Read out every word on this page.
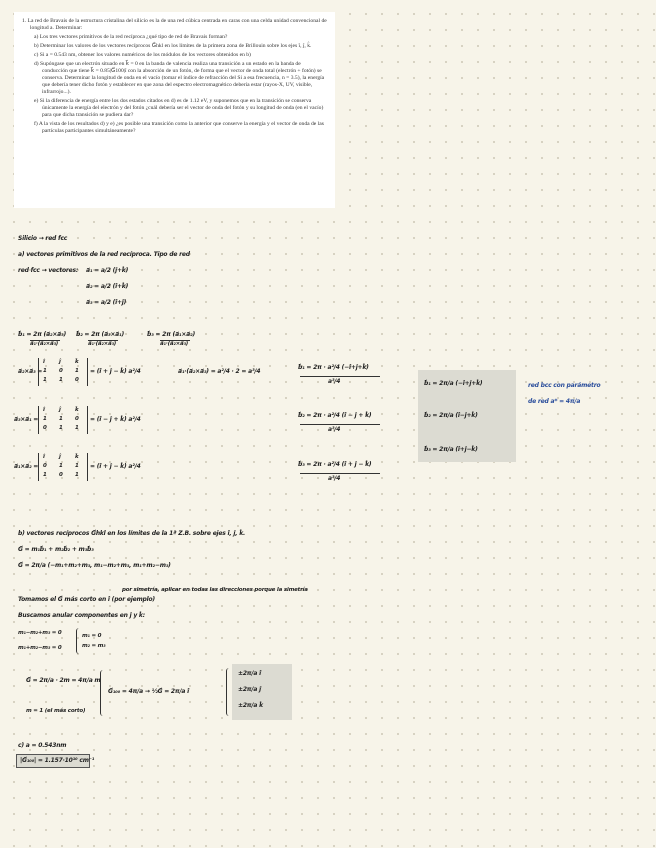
1. La red de Bravais de la estructura cristalina del silicio es la de una red cúbica centrada en caras con una celda unidad convencional de longitud a. Determinar:

a) Los tres vectores primitivos de la red recíproca ¿qué tipo de red de Bravais forman?

b) Determinar los valores de los vectores recíprocos G⃗hkl en los límites de la primera zona de Brillouin sobre los ejes î, ĵ, k̂.

c) Si a = 0.543 nm, obtener los valores numéricos de los módulos de los vectores obtenidos en b)

d) Supóngase que un electrón situado en k⃗ = 0 en la banda de valencia realiza una transición a un estado en la banda de conducción que tiene k⃗ = 0.85|G⃗100|î con la absorción de un fotón, de forma que el vector de onda total (electrón + fotón) se conserva. Determinar la longitud de onda en el vacío (tomar el índice de refracción del Si a esa frecuencia, n = 3.5), la energía que debería tener dicho fotón y establecer en que zona del espectro electromagnético debería estar (rayos-X, UV, visible, infrarrojo...).

e) Si la diferencia de energía entre los dos estados citados en d) es de 1.12 eV, y suponemos que en la transición se conserva únicamente la energía del electrón y del fotón ¿cuál debería ser el vector de onda del fotón y su longitud de onda (en el vacío) para que dicha transición se pudiera dar?

f) A la vista de los resultados d) y e) ¿es posible una transición como la anterior que conserve la energía y el vector de onda de las partículas participantes simultáneamente?

Silicio → red fcc
a) vectores primitivos de la red recíproca. Tipo de red
red fcc → vectores: a⃗₁ = a/2 (ĵ+k̂)
a⃗₂ = a/2 (î+k̂)
a⃗₃ = a/2 (î+ĵ)
b⃗₁ = 2π (a⃗₂×a⃗₃)
a⃗₁·(a⃗₂×a⃗₃)
b⃗₂ = 2π (a⃗₃×a⃗₁)
a⃗₁·(a⃗₂×a⃗₃)
b⃗₃ = 2π (a⃗₁×a⃗₂)
a⃗₁·(a⃗₂×a⃗₃)
a⃗₂×a⃗₃ =
î	ĵ	k̂
1 0 1
1 1 0
= (î + ĵ − k̂) a²/4	a⃗₁·(a⃗₂×a⃗₃) = a²/4 · 2 = a³/4
b⃗₁ = 2π · a²/4 (−î+ĵ+k̂)
a³/4
a⃗₃×a⃗₁ =
î	ĵ	k̂
1 1 0
0 1 1
= (î − ĵ + k̂) a²/4
b⃗₂ = 2π · a²/4 (î − ĵ + k̂)
a³/4
a⃗₁×a⃗₂ =
î	ĵ	k̂
0 1 1
1 0 1
= (î + ĵ − k̂) a²/4	b⃗₃ = 2π · a²/4 (î + ĵ − k̂)
a³/4
b⃗₁ = 2π/a (−î+ĵ+k̂)
b⃗₂ = 2π/a (î−ĵ+k̂)
b⃗₃ = 2π/a (î+ĵ−k̂)
red bcc con parámetro
de red a* = 4π/a
b) vectores recíprocos G⃗hkl en los límites de la 1ª Z.B. sobre ejes î, ĵ, k̂.
G⃗ = m₁b⃗₁ + m₂b⃗₂ + m₃b⃗₃
G⃗ = 2π/a (−m₁+m₂+m₃, m₁−m₂+m₃, m₁+m₂−m₃)
por simetría, aplicar en todas las direcciones porque la simetría
Tomamos el G⃗ más corto en î (por ejemplo)
Buscamos anular componentes en ĵ y k̂:
m₁−m₂+m₃ = 0
m₁+m₂−m₃ = 0
m₁ = 0
m₂ = m₃
G⃗ = 2π/a · 2m = 4π/a m
m = 1 (el más corto)
G⃗₁₀₀ = 4π/a → ½G⃗ = 2π/a î
±2π/a î
±2π/a ĵ
±2π/a k̂
c) a = 0.543nm
|G⃗₁₀₀| = 1.157·10¹⁰ cm⁻¹
